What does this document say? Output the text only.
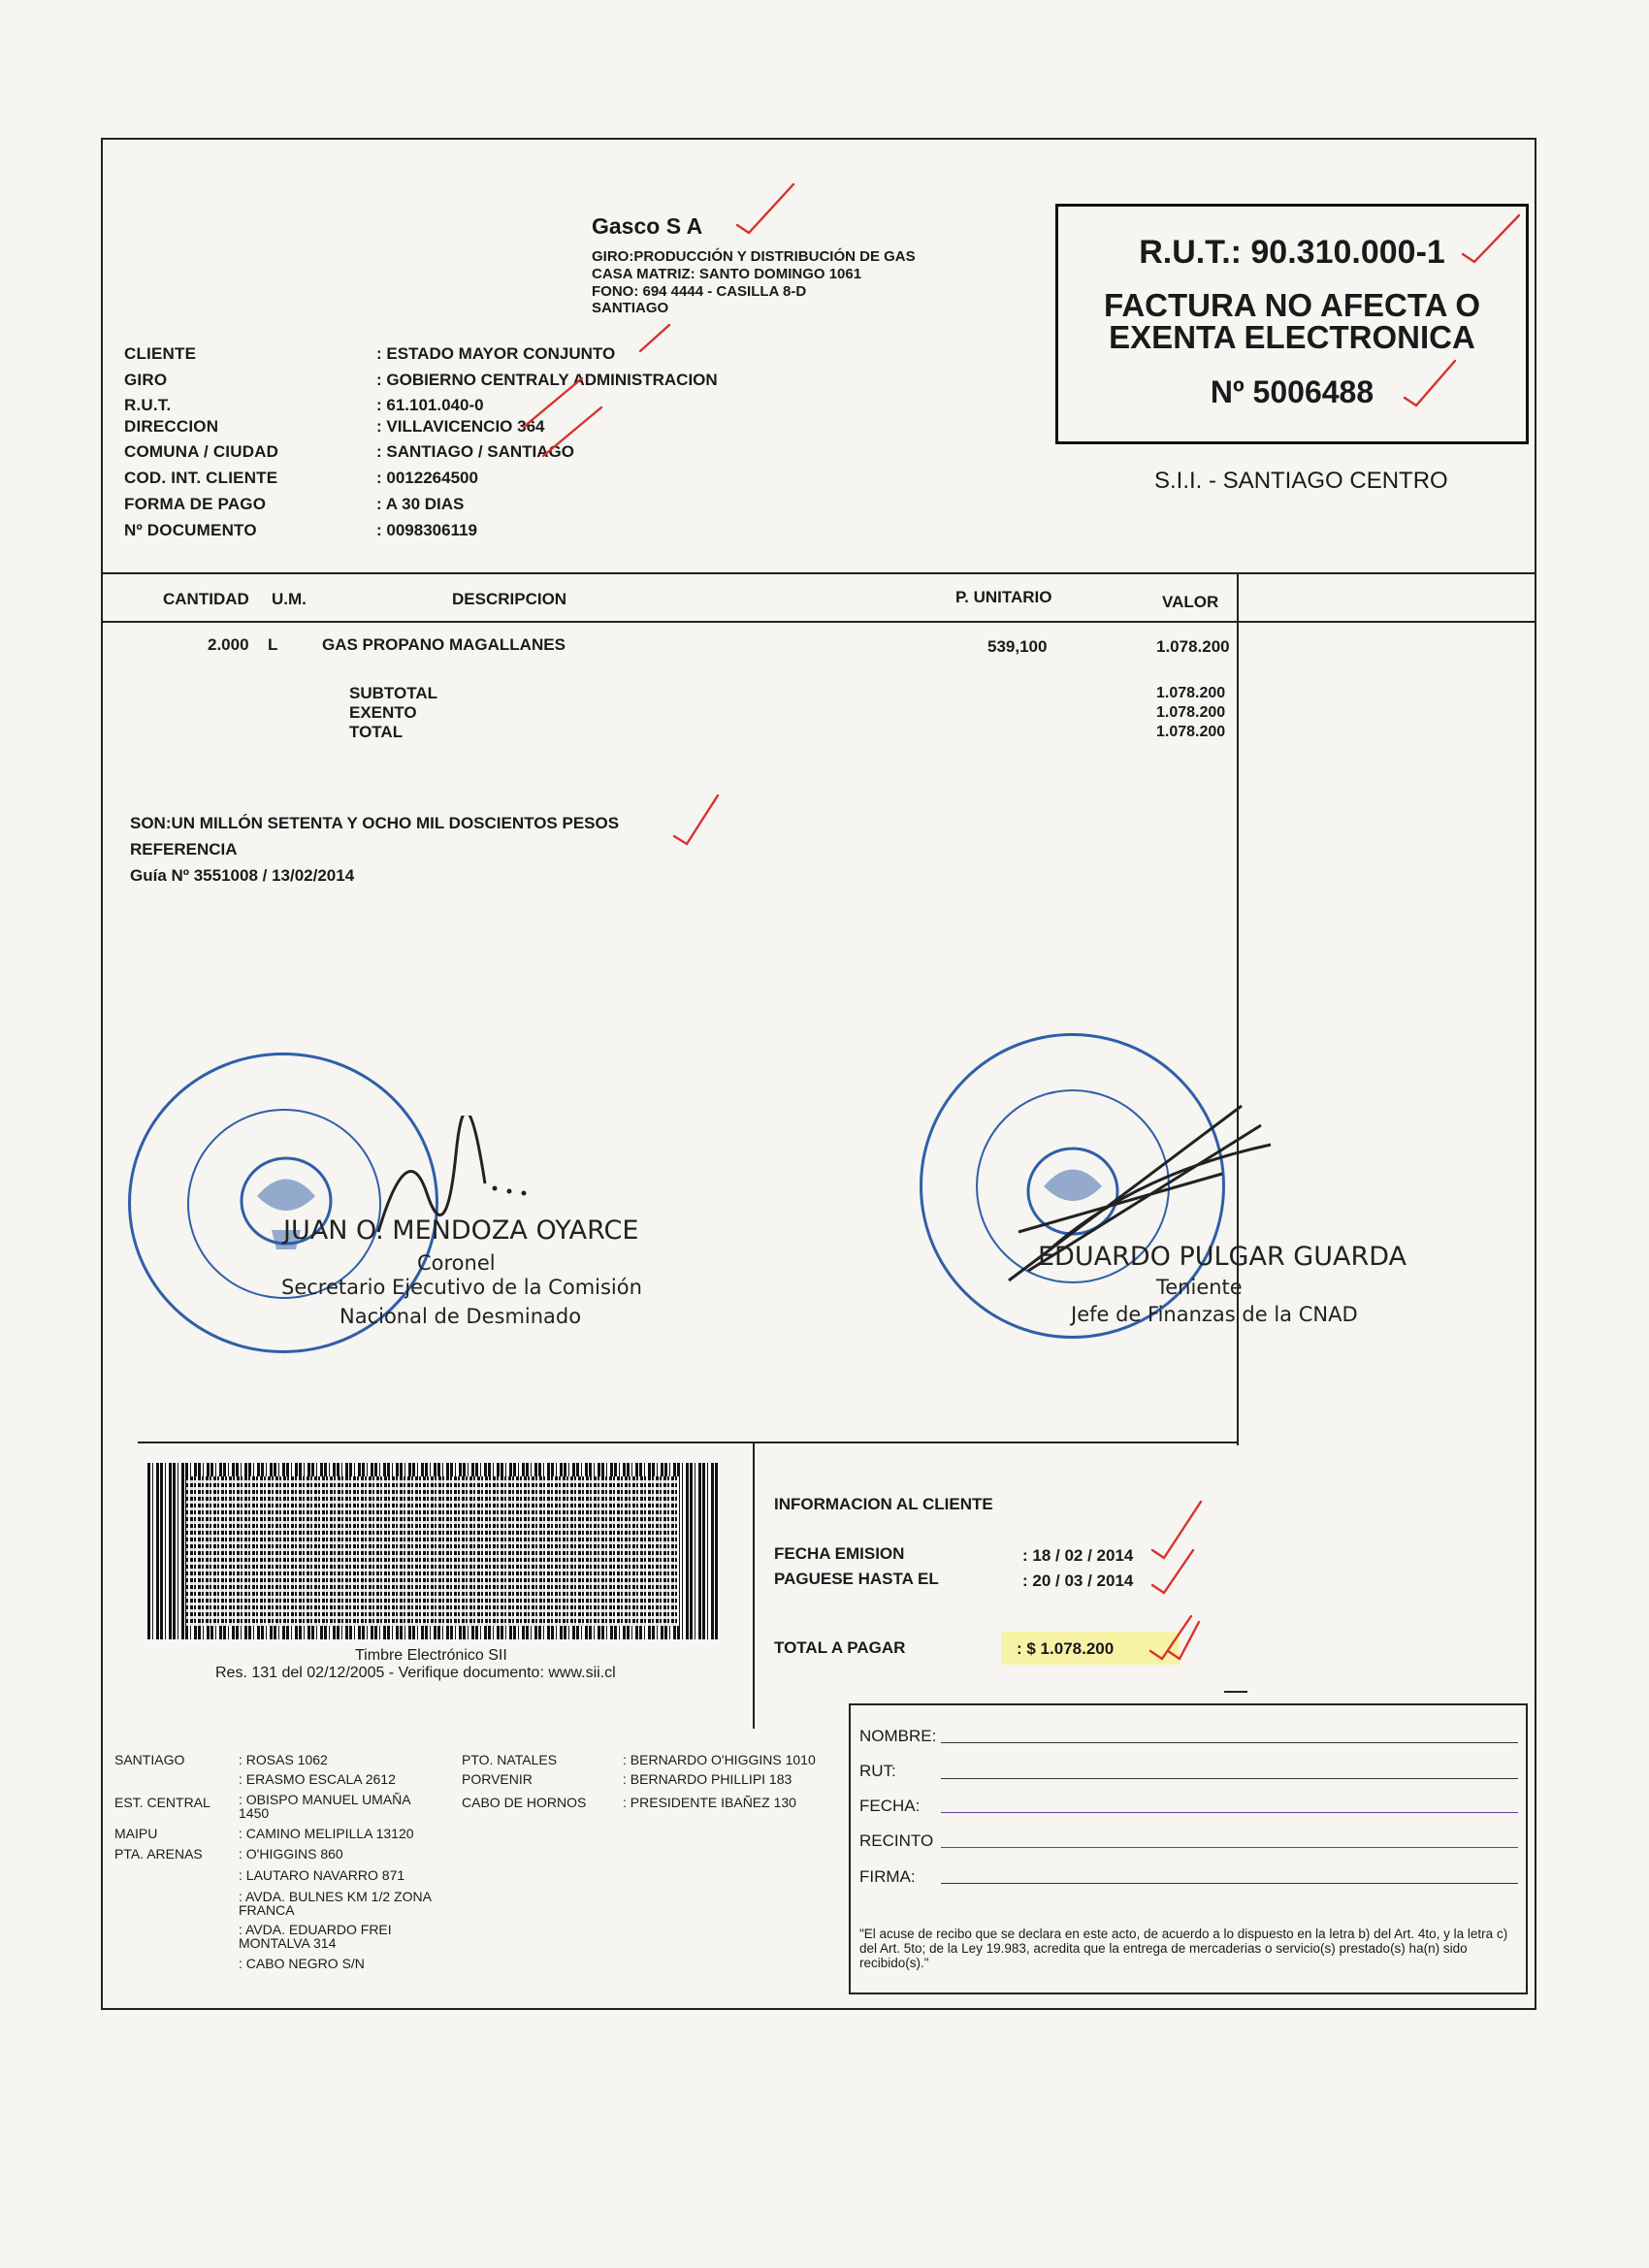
Gasco S A
GIRO:PRODUCCIÓN Y DISTRIBUCIÓN DE GAS
CASA MATRIZ: SANTO DOMINGO 1061
FONO: 694 4444 - CASILLA 8-D
SANTIAGO
R.U.T.: 90.310.000-1
FACTURA NO AFECTA O
EXENTA ELECTRONICA
Nº 5006488
S.I.I. - SANTIAGO CENTRO
CLIENTE	: ESTADO MAYOR CONJUNTO
GIRO	: GOBIERNO CENTRALY ADMINISTRACION
R.U.T.	: 61.101.040-0
DIRECCION	: VILLAVICENCIO 364
COMUNA / CIUDAD	: SANTIAGO / SANTIAGO
COD. INT. CLIENTE	: 0012264500
FORMA DE PAGO	: A 30 DIAS
Nº DOCUMENTO	: 0098306119
CANTIDAD U.M.	DESCRIPCION	P. UNITARIO	VALOR
2.000 L	GAS PROPANO MAGALLANES	539,100	1.078.200
SUBTOTAL	1.078.200
EXENTO	1.078.200
TOTAL	1.078.200
SON:UN MILLÓN SETENTA Y OCHO MIL DOSCIENTOS PESOS
REFERENCIA
Guía Nº 3551008 / 13/02/2014
JUAN O. MENDOZA OYARCE
Coronel
Secretario Ejecutivo de la Comisión
Nacional de Desminado
EDUARDO PULGAR GUARDA
Teniente
Jefe de Finanzas de la CNAD
Timbre Electrónico SII
Res. 131 del 02/12/2005 - Verifique documento: www.sii.cl
INFORMACION AL CLIENTE
FECHA EMISION	: 18 / 02 / 2014
PAGUESE HASTA EL	: 20 / 03 / 2014
TOTAL A PAGAR	: $ 1.078.200
SANTIAGO	: ROSAS 1062
: ERASMO ESCALA 2612
EST. CENTRAL : OBISPO MANUEL UMAÑA 1450
MAIPU	: CAMINO MELIPILLA 13120
PTA. ARENAS	: O'HIGGINS 860
: LAUTARO NAVARRO 871
: AVDA. BULNES KM 1/2 ZONA FRANCA
: AVDA. EDUARDO FREI MONTALVA 314
: CABO NEGRO S/N
PTO. NATALES	: BERNARDO O'HIGGINS 1010
PORVENIR	: BERNARDO PHILLIPI 183
CABO DE HORNOS	: PRESIDENTE IBAÑEZ 130
NOMBRE:
RUT:
FECHA:
RECINTO
FIRMA:
"El acuse de recibo que se declara en este acto, de acuerdo a lo dispuesto en la letra b) del Art. 4to, y la letra c) del Art. 5to; de la Ley 19.983, acredita que la entrega de mercaderias o servicio(s) prestado(s) ha(n) sido recibido(s)."
